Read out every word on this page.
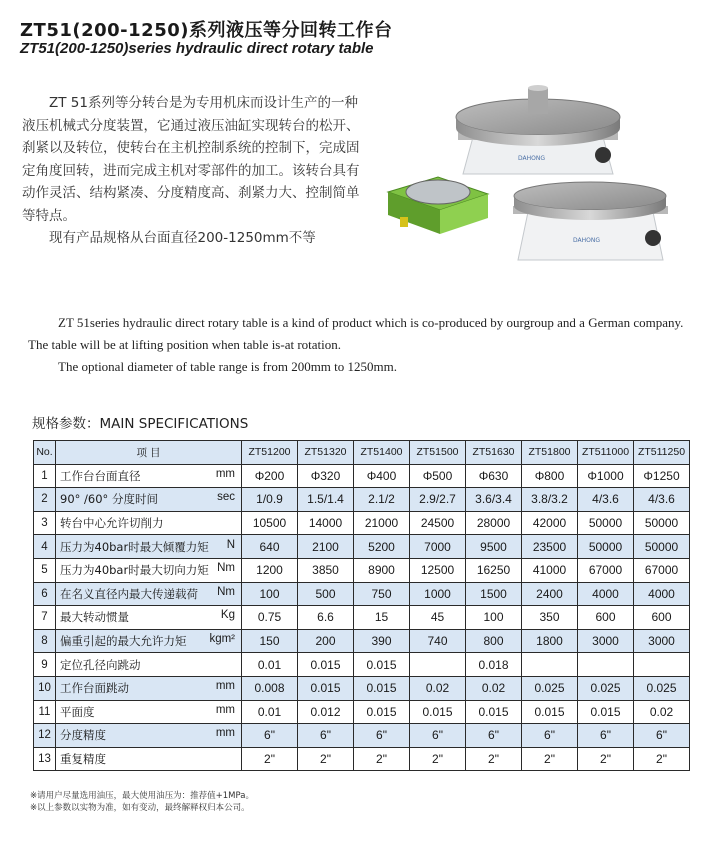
ZT51(200-1250)系列液压等分回转工作台
ZT51(200-1250)series hydraulic direct rotary table

ZT 51系列等分转台是为专用机床而设计生产的一种液压机械式分度装置，它通过液压油缸实现转台的松开、刹紧以及转位，使转台在主机控制系统的控制下，完成固定角度回转，进而完成主机对零部件的加工。该转台具有动作灵活、结构紧凑、分度精度高、刹紧力大、控制简单等特点。

现有产品规格从台面直径200-1250mm不等

DAHONG
DAHONG

ZT 51series hydraulic direct rotary table is a kind of product which is co-produced by ourgroup and a German company. The table will be at lifting position when table is-at rotation.

The optional diameter of table range is from 200mm to 1250mm.

规格参数：MAIN SPECIFICATIONS
No.	项 目	ZT51200	ZT51320	ZT51400	ZT51500	ZT51630	ZT51800	ZT511000	ZT511250
1	工作台台面直径 mm	Φ200	Φ320	Φ400	Φ500	Φ630	Φ800	Φ1000	Φ1250
2	90° /60° 分度时间 sec	1/0.9	1.5/1.4	2.1/2	2.9/2.7	3.6/3.4	3.8/3.2	4/3.6	4/3.6
3	转台中心允许切削力	10500	14000	21000	24500	28000	42000	50000	50000
4	压力为40bar时最大倾覆力矩 N	640	2100	5200	7000	9500	23500	50000	50000
5	压力为40bar时最大切向力矩 Nm	1200	3850	8900	12500	16250	41000	67000	67000
6	在名义直径内最大传递载荷 Nm	100	500	750	1000	1500	2400	4000	4000
7	最大转动惯量 Kg	0.75	6.6	15	45	100	350	600	600
8	偏重引起的最大允许力矩 kgm²	150	200	390	740	800	1800	3000	3000
9	定位孔径向跳动	0.01	0.015	0.015		0.018			
10	工作台面跳动 mm	0.008	0.015	0.015	0.02	0.02	0.025	0.025	0.025
11	平面度 mm	0.01	0.012	0.015	0.015	0.015	0.015	0.015	0.02
12	分度精度 mm	6"	6"	6"	6"	6"	6"	6"	6"
13	重复精度	2"	2"	2"	2"	2"	2"	2"	2"

※请用户尽量选用油压，最大使用油压为：推荐值+1MPa。

※以上参数以实物为准，如有变动，最终解释权归本公司。
